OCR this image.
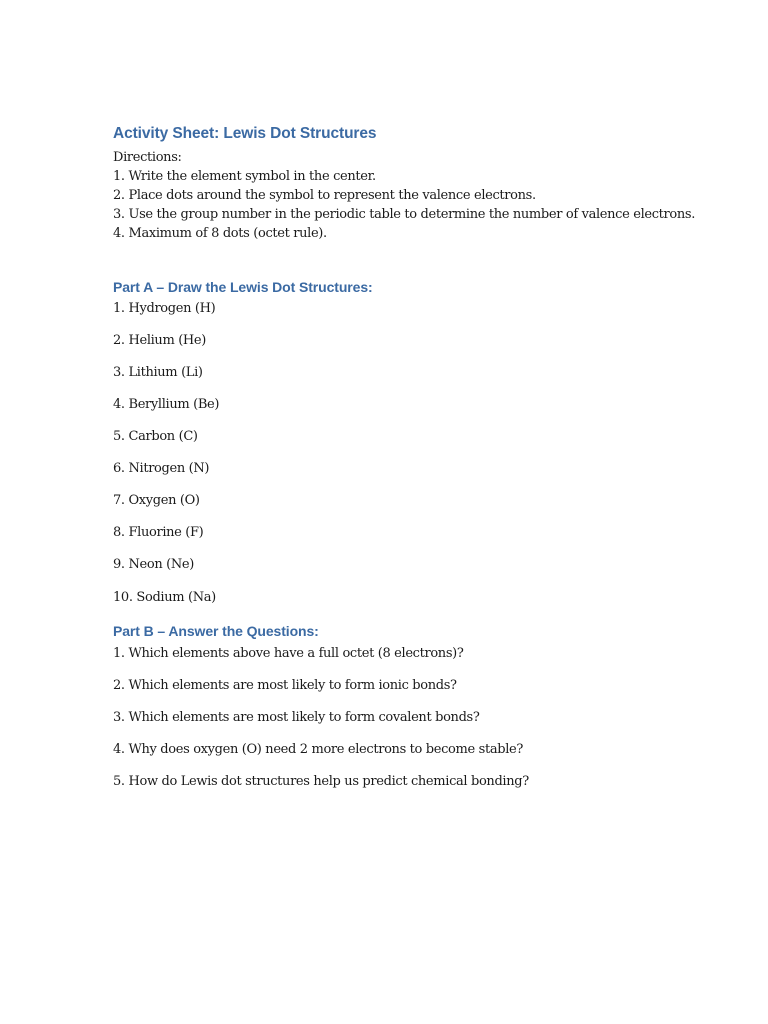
Activity Sheet: Lewis Dot Structures

Directions:

1. Write the element symbol in the center.

2. Place dots around the symbol to represent the valence electrons.

3. Use the group number in the periodic table to determine the number of valence electrons.

4. Maximum of 8 dots (octet rule).

Part A – Draw the Lewis Dot Structures:

1. Hydrogen (H)

2. Helium (He)

3. Lithium (Li)

4. Beryllium (Be)

5. Carbon (C)

6. Nitrogen (N)

7. Oxygen (O)

8. Fluorine (F)

9. Neon (Ne)

10. Sodium (Na)

Part B – Answer the Questions:

1. Which elements above have a full octet (8 electrons)?

2. Which elements are most likely to form ionic bonds?

3. Which elements are most likely to form covalent bonds?

4. Why does oxygen (O) need 2 more electrons to become stable?

5. How do Lewis dot structures help us predict chemical bonding?
